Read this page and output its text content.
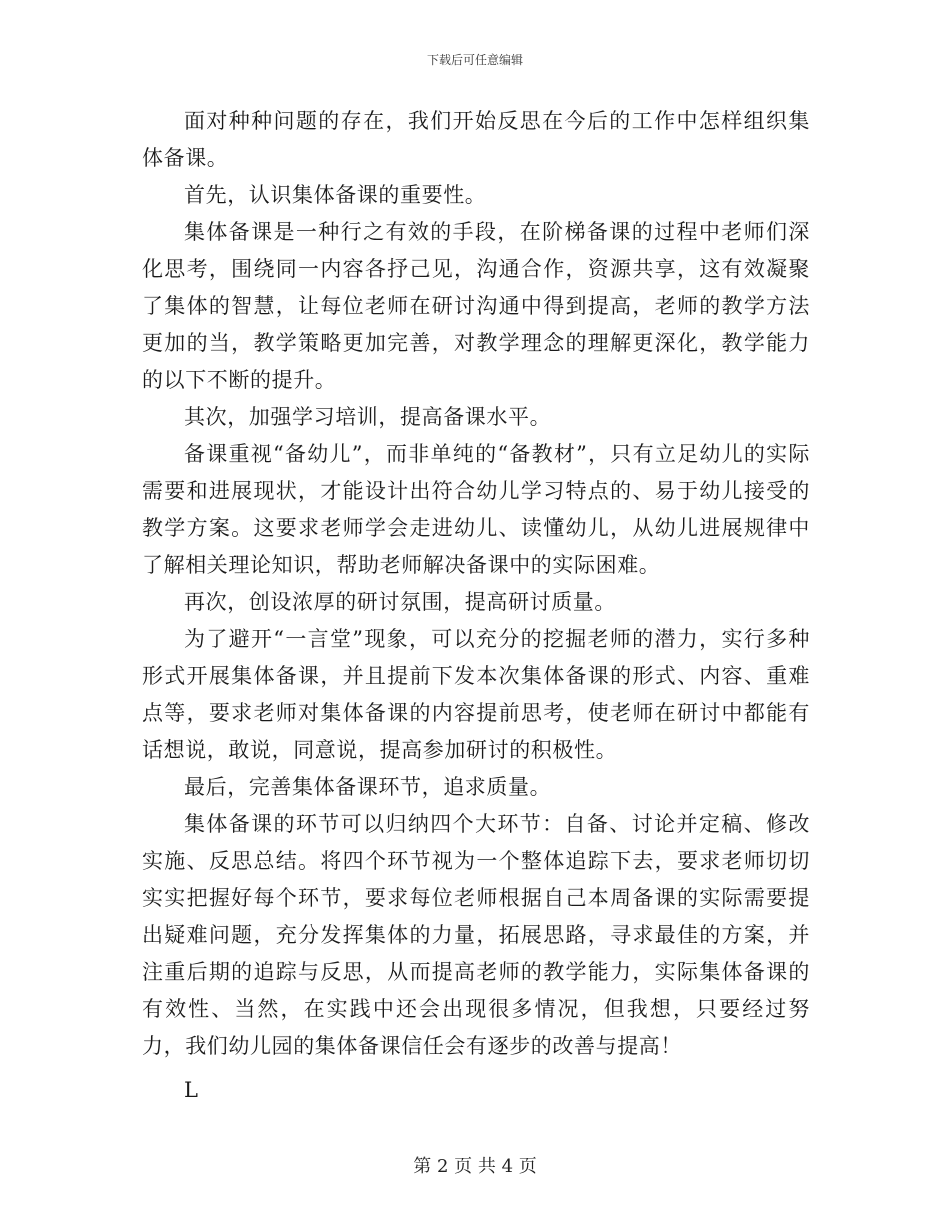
下载后可任意编辑

面对种种问题的存在，我们开始反思在今后的工作中怎样组织集体备课。

首先，认识集体备课的重要性。

集体备课是一种行之有效的手段，在阶梯备课的过程中老师们深化思考，围绕同一内容各抒己见，沟通合作，资源共享，这有效凝聚了集体的智慧，让每位老师在研讨沟通中得到提高，老师的教学方法更加的当，教学策略更加完善，对教学理念的理解更深化，教学能力的以下不断的提升。

其次，加强学习培训，提高备课水平。

备课重视“备幼儿”，而非单纯的“备教材”，只有立足幼儿的实际需要和进展现状，才能设计出符合幼儿学习特点的、易于幼儿接受的教学方案。这要求老师学会走进幼儿、读懂幼儿，从幼儿进展规律中了解相关理论知识，帮助老师解决备课中的实际困难。

再次，创设浓厚的研讨氛围，提高研讨质量。

为了避开“一言堂”现象，可以充分的挖掘老师的潜力，实行多种形式开展集体备课，并且提前下发本次集体备课的形式、内容、重难点等，要求老师对集体备课的内容提前思考，使老师在研讨中都能有话想说，敢说，同意说，提高参加研讨的积极性。

最后，完善集体备课环节，追求质量。

集体备课的环节可以归纳四个大环节：自备、讨论并定稿、修改实施、反思总结。将四个环节视为一个整体追踪下去，要求老师切切实实把握好每个环节，要求每位老师根据自己本周备课的实际需要提出疑难问题，充分发挥集体的力量，拓展思路，寻求最佳的方案，并注重后期的追踪与反思，从而提高老师的教学能力，实际集体备课的有效性、当然，在实践中还会出现很多情况，但我想，只要经过努力，我们幼儿园的集体备课信任会有逐步的改善与提高！

L

第 2 页 共 4 页
